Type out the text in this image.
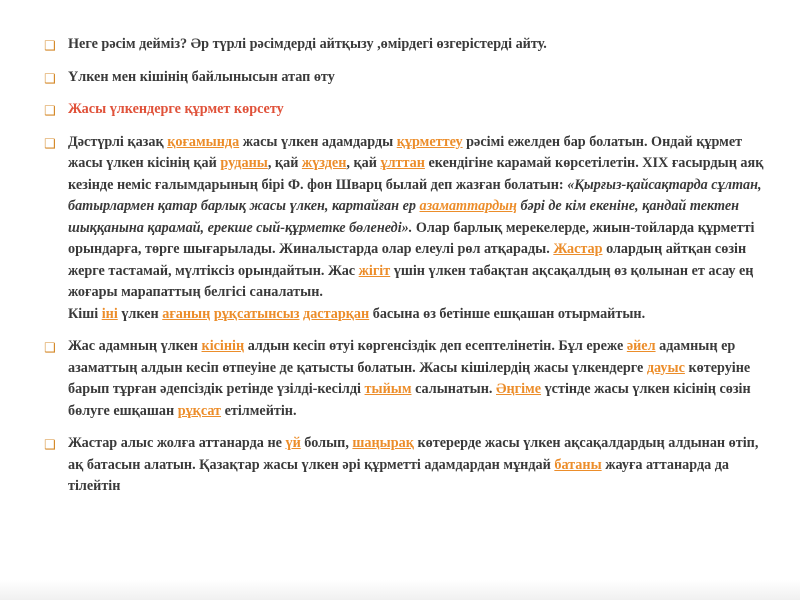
❑ Неге рәсім дейміз? Әр түрлі рәсімдерді айтқызу ,өмірдегі өзгерістерді айту.
❑ Үлкен мен кішінің байлынысын атап өту
❑ Жасы үлкендерге құрмет көрсету
❑ Дәстүрлі қазақ қоғамында жасы үлкен адамдарды құрметтеу рәсімі ежелден бар болатын. Ондай құрмет жасы үлкен кісінің қай руданы, қай жүзден, қай ұлттан екендігіне карамай көрсетілетін. XIX ғасырдың аяқ кезінде неміс ғалымдарының бірі Ф. фон Шварц былай деп жазған болатын: «Қырғыз-қайсақтарда сұлтан, батырлармен қатар барлық жасы үлкен, картайған ер азаматтардың бәрі де кім екеніне, қандай тектен шыққанына қарамай, ерекше сый-құрметке бөленеді». Олар барлық мерекелерде, жиын-тойларда құрметті орындарға, төрге шығарылады. Жиналыстарда олар елеулі рөл атқарады. Жастар олардың айтқан сөзін жерге тастамай, мүлтіксіз орындайтын. Жас жігіт үшін үлкен табақтан ақсақалдың өз қолынан ет асау ең жоғары марапаттың белгісі саналатын.
Кіші іні үлкен ағаның рұқсатынсыз дастарқан басына өз бетінше ешқашан отырмайтын.
❑ Жас адамның үлкен кісінің алдын кесіп өтуі көргенсіздік деп есептелінетін. Бұл ереже әйел адамның ер азаматтың алдын кесіп өтпеуіне де қатысты болатын. Жасы кішілердің жасы үлкендерге дауыс көтеруіне барып тұрған әдепсіздік ретінде үзілді-кесілді тыйым салынатын. Әңгіме үстінде жасы үлкен кісінің сөзін бөлуге ешқашан рұқсат етілмейтін.
❑ Жастар алыс жолға аттанарда не үй болып, шаңырақ көтерерде жасы үлкен ақсақалдардың алдынан өтіп, ақ батасын алатын. Қазақтар жасы үлкен әрі құрметті адамдардан мұндай батаны жауға аттанарда да тілейтін
